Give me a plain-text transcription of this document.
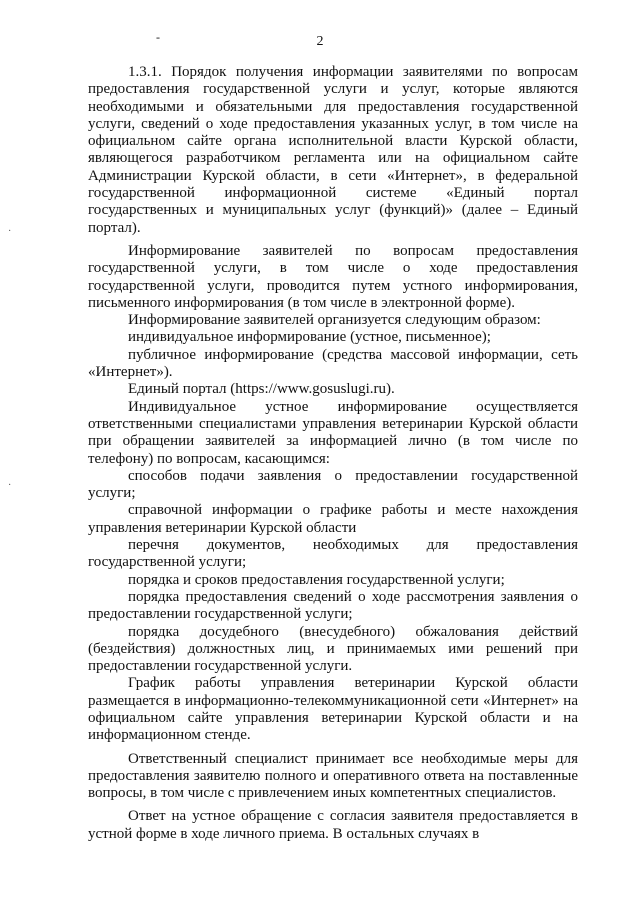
-
·
·
2

1.3.1. Порядок получения информации заявителями по вопросам предоставления государственной услуги и услуг, которые являются необходимыми и обязательными для предоставления государственной услуги, сведений о ходе предоставления указанных услуг, в том числе на официальном сайте органа исполнительной власти Курской области, являющегося разработчиком регламента или на официальном сайте Администрации Курской области, в сети «Интернет», в федеральной государственной информационной системе «Единый портал государственных и муниципальных услуг (функций)» (далее – Единый портал).

Информирование заявителей по вопросам предоставления государственной услуги, в том числе о ходе предоставления государственной услуги, проводится путем устного информирования, письменного информирования (в том числе в электронной форме).

Информирование заявителей организуется следующим образом:

индивидуальное информирование (устное, письменное);

публичное информирование (средства массовой информации, сеть «Интернет»).

Единый портал (https://www.gosuslugi.ru).

Индивидуальное устное информирование осуществляется ответственными специалистами управления ветеринарии Курской области при обращении заявителей за информацией лично (в том числе по телефону) по вопросам, касающимся:

способов подачи заявления о предоставлении государственной услуги;

справочной информации о графике работы и месте нахождения управления ветеринарии Курской области

перечня документов, необходимых для предоставления государственной услуги;

порядка и сроков предоставления государственной услуги;

порядка предоставления сведений о ходе рассмотрения заявления о предоставлении государственной услуги;

порядка досудебного (внесудебного) обжалования действий (бездействия) должностных лиц, и принимаемых ими решений при предоставлении государственной услуги.

График работы управления ветеринарии Курской области размещается в информационно-телекоммуникационной сети «Интернет» на официальном сайте управления ветеринарии Курской области и на информационном стенде.

Ответственный специалист принимает все необходимые меры для предоставления заявителю полного и оперативного ответа на поставленные вопросы, в том числе с привлечением иных компетентных специалистов.

Ответ на устное обращение с согласия заявителя предоставляется в устной форме в ходе личного приема. В остальных случаях в
